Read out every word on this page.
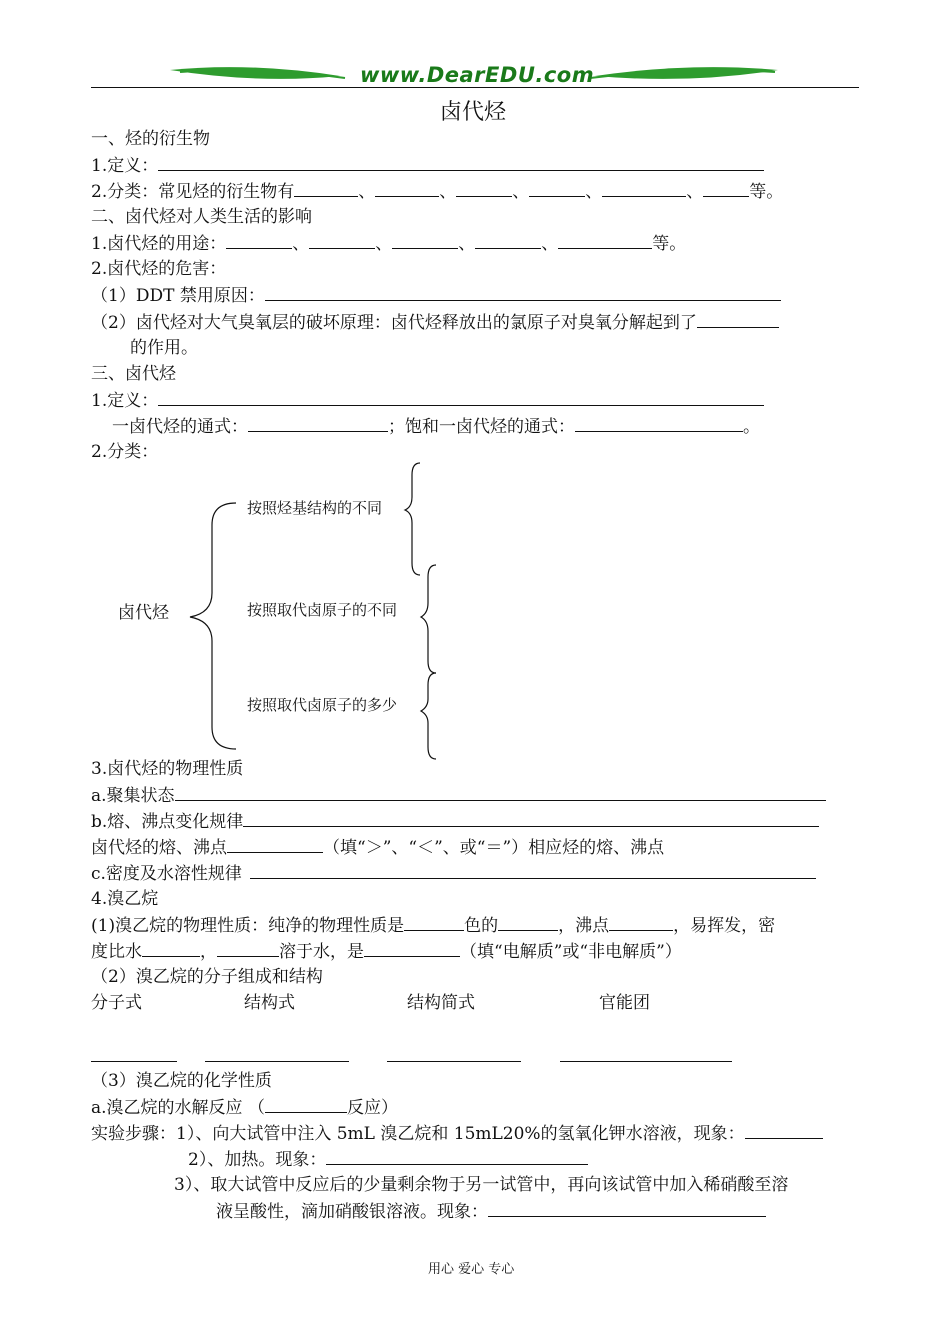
www.DearEDU.com
卤代烃
一、烃的衍生物
1.定义：
2.分类：常见烃的衍生物有	、	、	、	、	、	等。
二、卤代烃对人类生活的影响
1.卤代烃的用途：	、	、	、	、	等。
2.卤代烃的危害：
（1）DDT 禁用原因：
（2）卤代烃对大气臭氧层的破坏原理：卤代烃释放出的氯原子对臭氧分解起到了
的作用。
三、卤代烃
1.定义：
一卤代烃的通式：	；饱和一卤代烃的通式：	。
2.分类：
卤代烃
按照烃基结构的不同
按照取代卤原子的不同
按照取代卤原子的多少
3.卤代烃的物理性质
a.聚集状态
b.熔、沸点变化规律
卤代烃的熔、沸点	（填“＞”、“＜”、或“＝”）相应烃的熔、沸点
c.密度及水溶性规律
4.溴乙烷
(1)溴乙烷的物理性质：纯净的物理性质是	色的	，沸点	，易挥发，密
度比水	，	溶于水，是	（填“电解质”或“非电解质”）
（2）溴乙烷的分子组成和结构
分子式	结构式	结构简式	官能团
（3）溴乙烷的化学性质
a.溴乙烷的水解反应 （	反应）
实验步骤：1）、向大试管中注入 5mL 溴乙烷和 15mL20%的氢氧化钾水溶液，现象：
2）、加热。现象：
3）、取大试管中反应后的少量剩余物于另一试管中，再向该试管中加入稀硝酸至溶
液呈酸性，滴加硝酸银溶液。现象：
用心 爱心 专心
